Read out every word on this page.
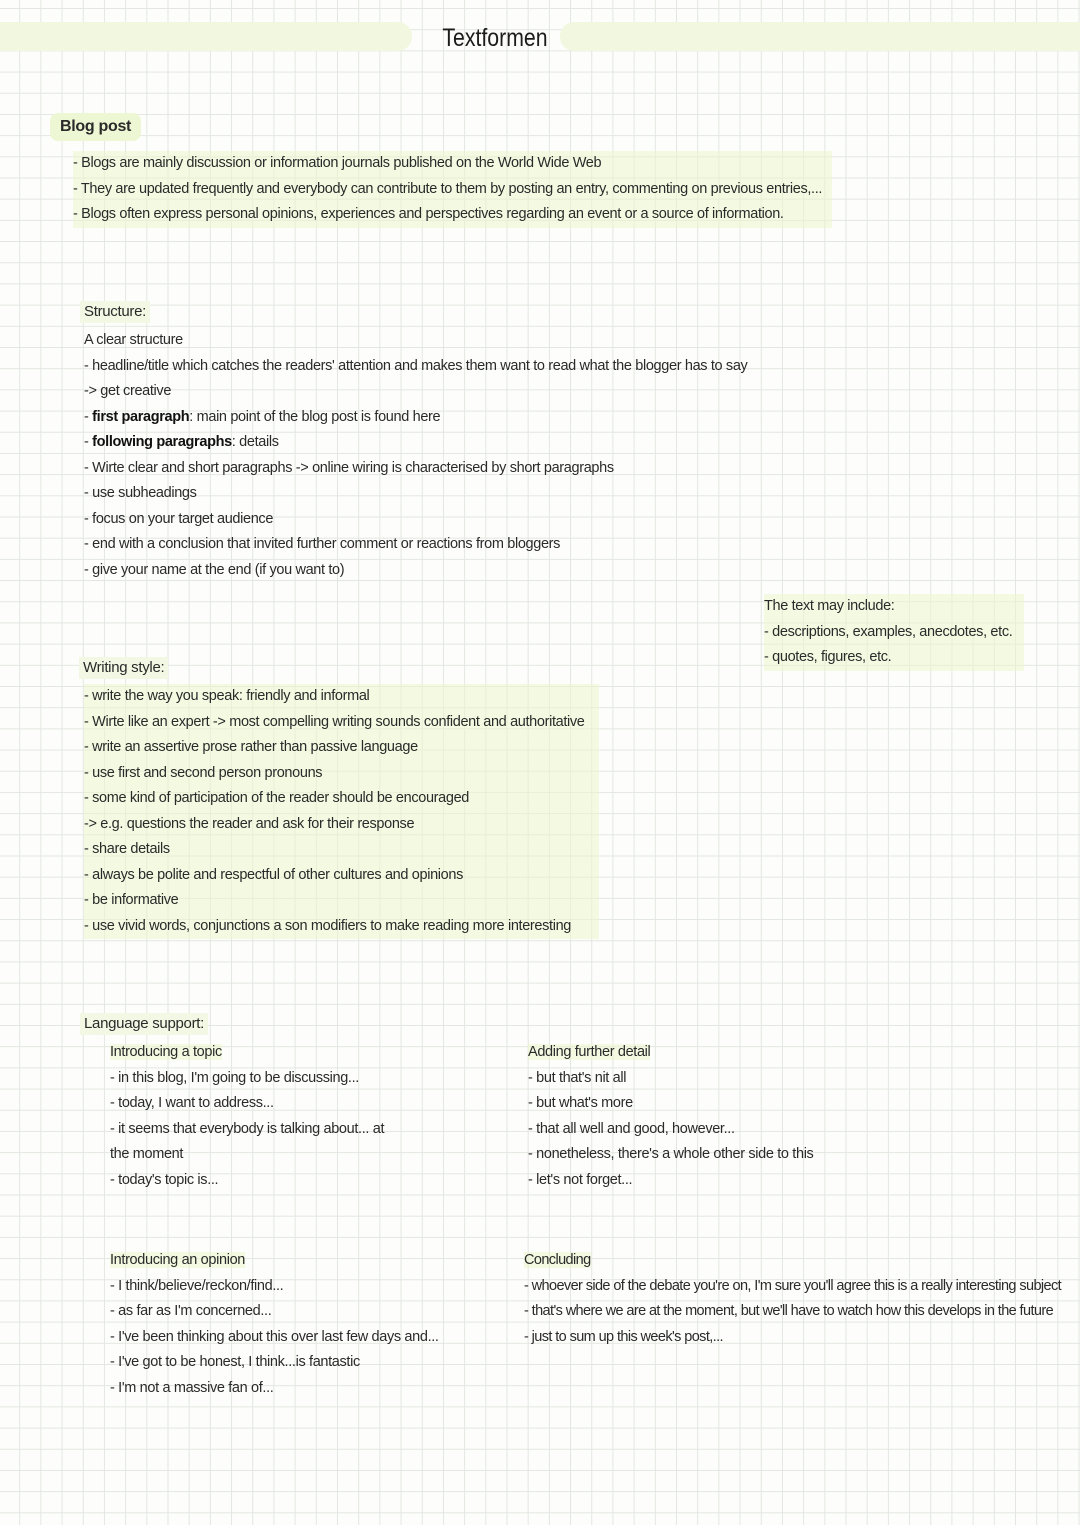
Textformen
Blog post
- Blogs are mainly discussion or information journals published on the World Wide Web
- They are updated frequently and everybody can contribute to them by posting an entry, commenting on previous entries,...
- Blogs often express personal opinions, experiences and perspectives regarding an event or a source of information.
Structure:
A clear structure
- headline/title which catches the readers' attention and makes them want to read what the blogger has to say
-> get creative
- first paragraph: main point of the blog post is found here
- following paragraphs: details
- Wirte clear and short paragraphs -> online wiring is characterised by short paragraphs
- use subheadings
- focus on your target audience
- end with a conclusion that invited further comment or reactions from bloggers
- give your name at the end (if you want to)
The text may include:
- descriptions, examples, anecdotes, etc.
- quotes, figures, etc.
Writing style:
- write the way you speak: friendly and informal
- Wirte like an expert -> most compelling writing sounds confident and authoritative
- write an assertive prose rather than passive language
- use first and second person pronouns
- some kind of participation of the reader should be encouraged
-> e.g. questions the reader and ask for their response
- share details
- always be polite and respectful of other cultures and opinions
- be informative
- use vivid words, conjunctions a son modifiers to make reading more interesting
Language support:
Introducing a topic
- in this blog, I'm going to be discussing...
- today, I want to address...
- it seems that everybody is talking about... at
the moment
- today's topic is...
Adding further detail
- but that's nit all
- but what's more
- that all well and good, however...
- nonetheless, there's a whole other side to this
- let's not forget...
Introducing an opinion
- I think/believe/reckon/find...
- as far as I'm concerned...
- I've been thinking about this over last few days and...
- I've got to be honest, I think...is fantastic
- I'm not a massive fan of...
Concluding
- whoever side of the debate you're on, I'm sure you'll agree this is a really interesting subject
- that's where we are at the moment, but we'll have to watch how this develops in the future
- just to sum up this week's post,...
